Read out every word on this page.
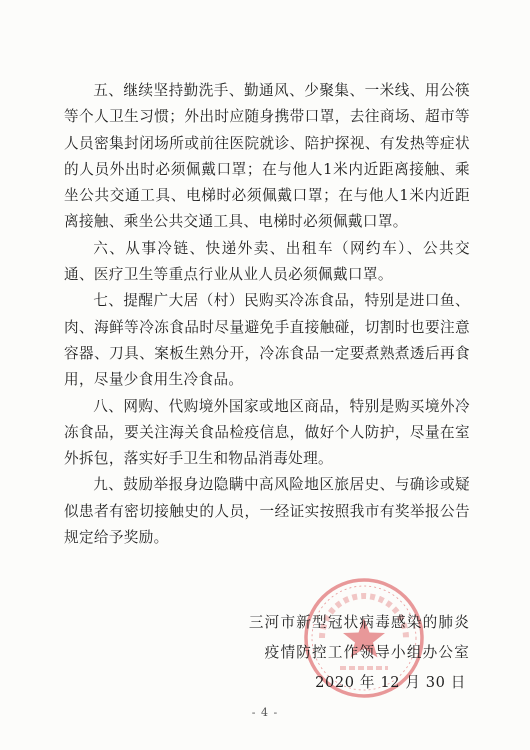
五、继续坚持勤洗手、勤通风、少聚集、一米线、用公筷等个人卫生习惯；外出时应随身携带口罩，去往商场、超市等人员密集封闭场所或前往医院就诊、陪护探视、有发热等症状的人员外出时必须佩戴口罩；在与他人1米内近距离接触、乘坐公共交通工具、电梯时必须佩戴口罩；在与他人1米内近距离接触、乘坐公共交通工具、电梯时必须佩戴口罩。

六、从事冷链、快递外卖、出租车（网约车）、公共交通、医疗卫生等重点行业从业人员必须佩戴口罩。

七、提醒广大居（村）民购买冷冻食品，特别是进口鱼、肉、海鲜等冷冻食品时尽量避免手直接触碰，切割时也要注意容器、刀具、案板生熟分开，冷冻食品一定要煮熟煮透后再食用，尽量少食用生冷食品。

八、网购、代购境外国家或地区商品，特别是购买境外冷冻食品，要关注海关食品检疫信息，做好个人防护，尽量在室外拆包，落实好手卫生和物品消毒处理。

九、鼓励举报身边隐瞒中高风险地区旅居史、与确诊或疑似患者有密切接触史的人员，一经证实按照我市有奖举报公告规定给予奖励。

三河市新型冠状病毒感染的肺炎
疫情防控工作领导小组办公室
2020 年 12 月 30 日
- 4 -
